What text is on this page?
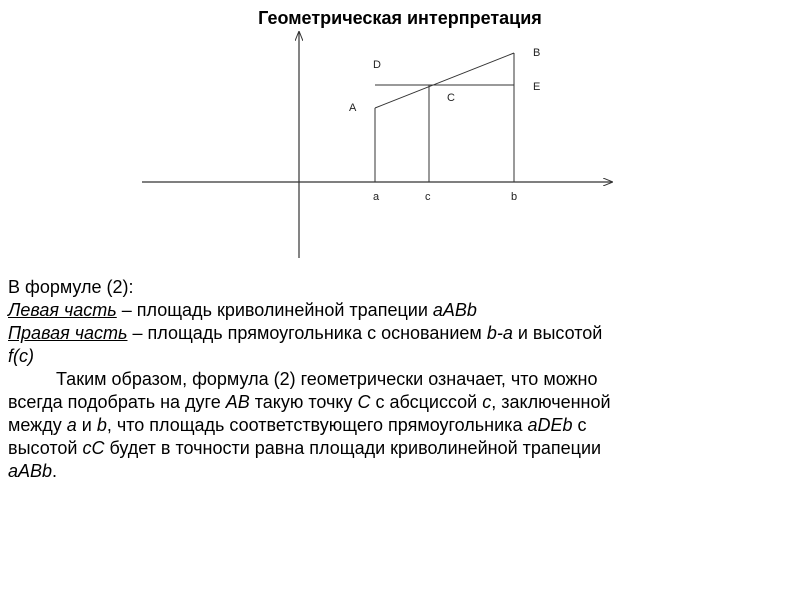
Геометрическая интерпретация
B
D
E
C
A
a	c	b

В формуле (2):

Левая часть – площадь криволинейной трапеции aABb

Правая часть – площадь прямоугольника с основанием b-a и высотой

f(c)

Таким образом, формула (2) геометрически означает, что можно

всегда подобрать на дуге AB такую точку C с абсциссой c, заключенной

между a и b, что площадь соответствующего прямоугольника aDEb с

высотой cC будет в точности равна площади криволинейной трапеции

aABb.
